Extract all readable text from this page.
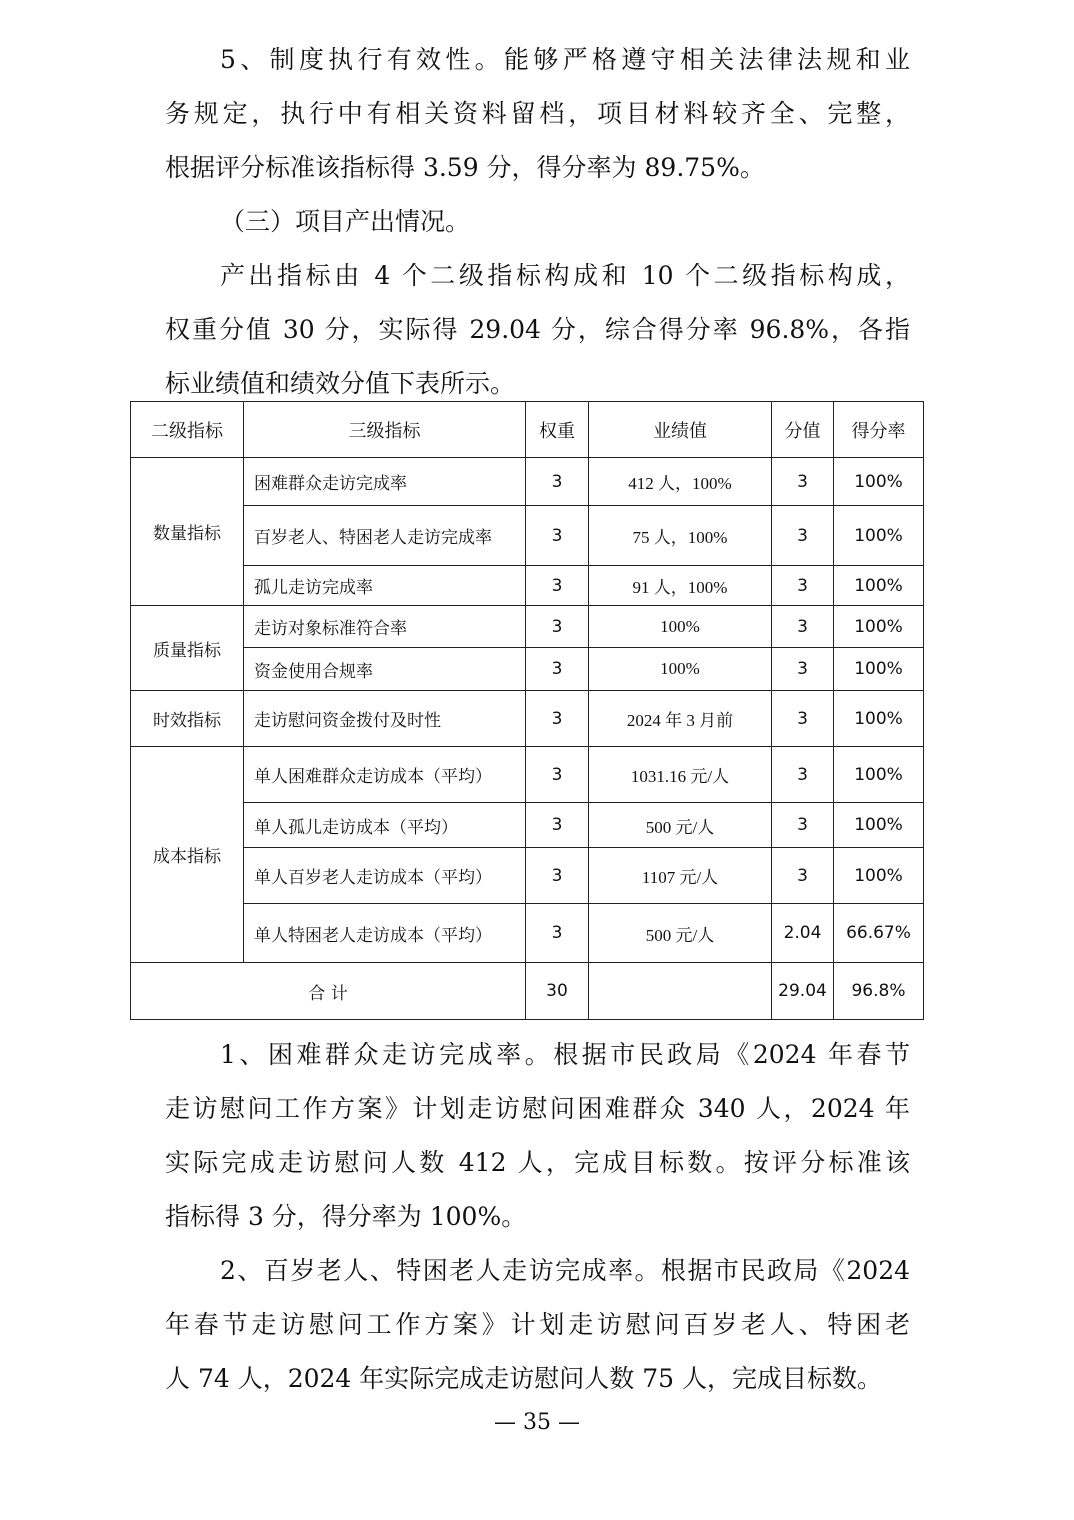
5、制度执行有效性。能够严格遵守相关法律法规和业
务规定，执行中有相关资料留档，项目材料较齐全、完整，
根据评分标准该指标得 3.59 分，得分率为 89.75%。
（三）项目产出情况。
产出指标由 4 个二级指标构成和 10 个二级指标构成，
权重分值 30 分，实际得 29.04 分，综合得分率 96.8%，各指
标业绩值和绩效分值下表所示。
二级指标	三级指标	权重	业绩值	分值	得分率
数量指标	困难群众走访完成率	3	412 人，100%	3	100%
	百岁老人、特困老人走访完成率	3	75 人，100%	3	100%
	孤儿走访完成率	3	91 人，100%	3	100%
质量指标	走访对象标准符合率	3	100%	3	100%
	资金使用合规率	3	100%	3	100%
时效指标	走访慰问资金拨付及时性	3	2024 年 3 月前	3	100%
成本指标	单人困难群众走访成本（平均）	3	1031.16 元/人	3	100%
	单人孤儿走访成本（平均）	3	500 元/人	3	100%
	单人百岁老人走访成本（平均）	3	1107 元/人	3	100%
	单人特困老人走访成本（平均）	3	500 元/人	2.04	66.67%
合 计		30		29.04	96.8%
1、困难群众走访完成率。根据市民政局《2024 年春节
走访慰问工作方案》计划走访慰问困难群众 340 人，2024 年
实际完成走访慰问人数 412 人，完成目标数。按评分标准该
指标得 3 分，得分率为 100%。
2、百岁老人、特困老人走访完成率。根据市民政局《2024
年春节走访慰问工作方案》计划走访慰问百岁老人、特困老
人 74 人，2024 年实际完成走访慰问人数 75 人，完成目标数。
— 35 —
